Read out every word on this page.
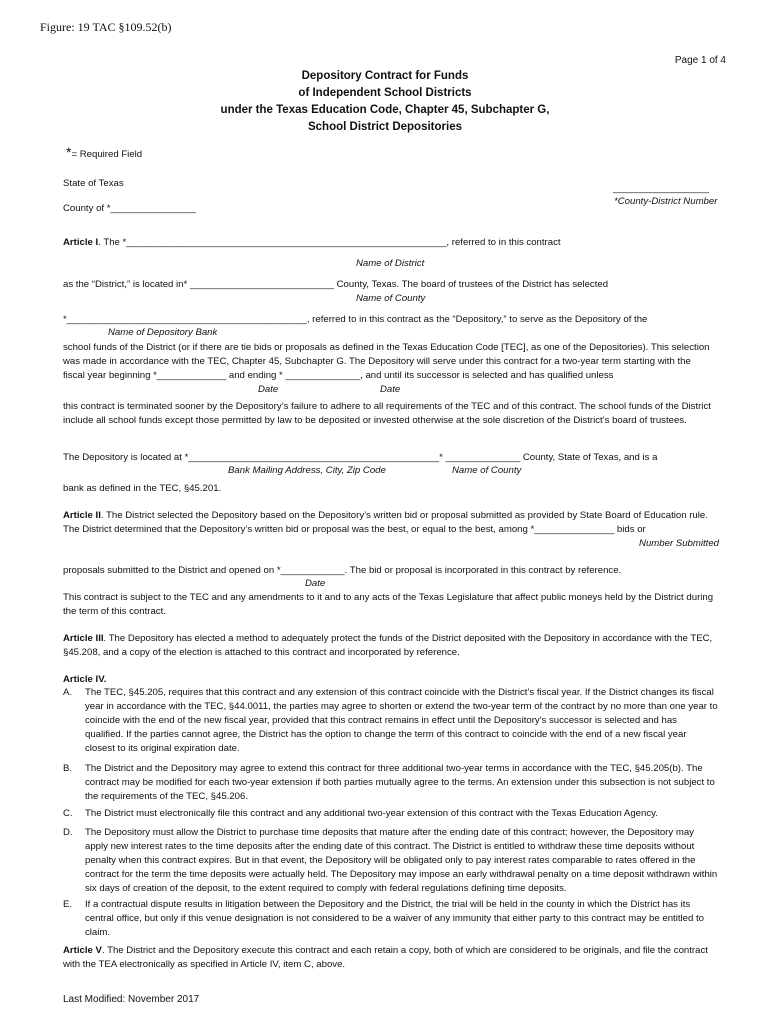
Figure: 19 TAC §109.52(b)
Page 1 of 4
Depository Contract for Funds
of Independent School Districts
under the Texas Education Code, Chapter 45, Subchapter G,
School District Depositories
*= Required Field
State of Texas	__________________
*County-District Number
County of *________________
Article I. The *____________________________________________________________, referred to in this contract
Name of District
as the “District,” is located in* ___________________________ County, Texas. The board of trustees of the District has selected
Name of County
*_____________________________________________, referred to in this contract as the “Depository,” to serve as the Depository of the
Name of Depository Bank
school funds of the District (or if there are tie bids or proposals as defined in the Texas Education Code [TEC], as one of the Depositories). This selection was made in accordance with the TEC, Chapter 45, Subchapter G. The Depository will serve under this contract for a two-year term starting with the fiscal year beginning *_____________ and ending * ______________, and until its successor is selected and has qualified unless
Date	Date
this contract is terminated sooner by the Depository’s failure to adhere to all requirements of the TEC and of this contract. The school funds of the District include all school funds except those permitted by law to be deposited or invested otherwise at the sole discretion of the District’s board of trustees.
The Depository is located at *_______________________________________________* ______________ County, State of Texas, and is a
Bank Mailing Address, City, Zip Code	Name of County
bank as defined in the TEC, §45.201.
Article II. The District selected the Depository based on the Depository’s written bid or proposal submitted as provided by State Board of Education rule. The District determined that the Depository’s written bid or proposal was the best, or equal to the best, among *_______________ bids or
Number Submitted
proposals submitted to the District and opened on *____________. The bid or proposal is incorporated in this contract by reference.
Date
This contract is subject to the TEC and any amendments to it and to any acts of the Texas Legislature that affect public moneys held by the District during the term of this contract.
Article III. The Depository has elected a method to adequately protect the funds of the District deposited with the Depository in accordance with the TEC, §45.208, and a copy of the election is attached to this contract and incorporated by reference.
Article IV.
A.	The TEC, §45.205, requires that this contract and any extension of this contract coincide with the District’s fiscal year. If the District changes its fiscal year in accordance with the TEC, §44.0011, the parties may agree to shorten or extend the two-year term of the contract by no more than one year to coincide with the end of the new fiscal year, provided that this contract remains in effect until the Depository's successor is selected and has qualified. If the parties cannot agree, the District has the option to change the term of this contract to coincide with the end of a new fiscal year closest to its original expiration date.
B.	The District and the Depository may agree to extend this contract for three additional two-year terms in accordance with the TEC, §45.205(b). The contract may be modified for each two-year extension if both parties mutually agree to the terms. An extension under this subsection is not subject to the requirements of the TEC, §45.206.
C.	The District must electronically file this contract and any additional two-year extension of this contract with the Texas Education Agency.
D.	The Depository must allow the District to purchase time deposits that mature after the ending date of this contract; however, the Depository may apply new interest rates to the time deposits after the ending date of this contract. The District is entitled to withdraw these time deposits without penalty when this contract expires. But in that event, the Depository will be obligated only to pay interest rates comparable to rates offered in the contract for the term the time deposits were actually held. The Depository may impose an early withdrawal penalty on a time deposit withdrawn within six days of creation of the deposit, to the extent required to comply with federal regulations defining time deposits.
E.	If a contractual dispute results in litigation between the Depository and the District, the trial will be held in the county in which the District has its central office, but only if this venue designation is not considered to be a waiver of any immunity that either party to this contract may be entitled to claim.
Article V. The District and the Depository execute this contract and each retain a copy, both of which are considered to be originals, and file the contract with the TEA electronically as specified in Article IV, item C, above.
Last Modified: November 2017
